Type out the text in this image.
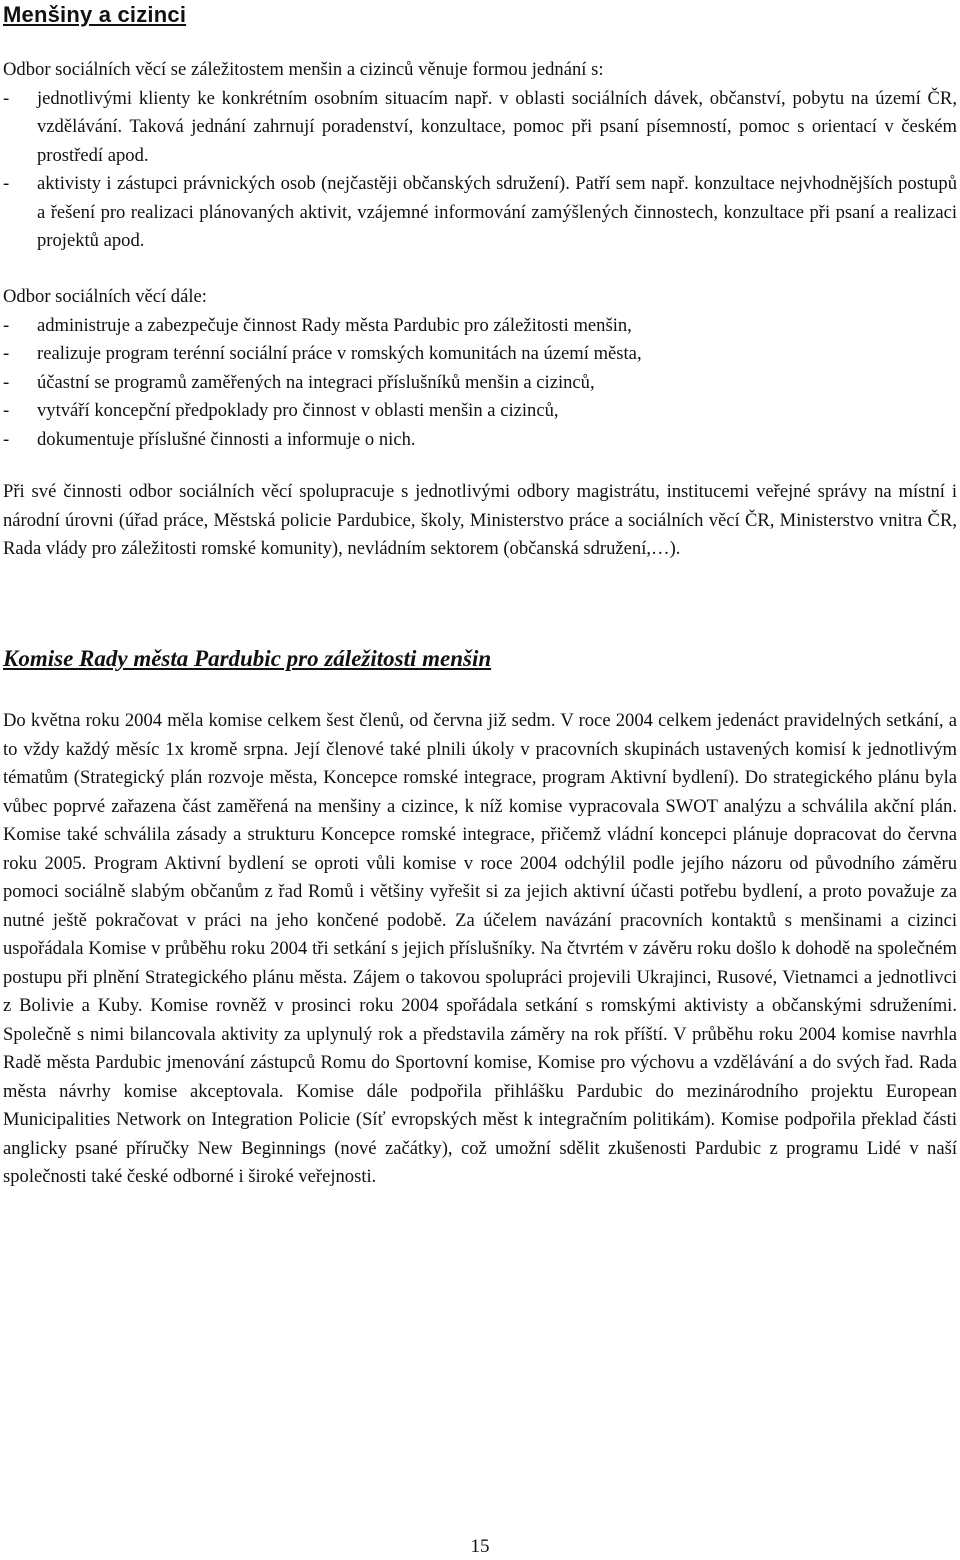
Menšiny a cizinci

Odbor sociálních věcí se záležitostem menšin a cizinců věnuje formou jednání s:

-	jednotlivými klienty ke konkrétním osobním situacím např. v oblasti sociálních dávek, občanství, pobytu na území ČR, vzdělávání. Taková jednání zahrnují poradenství, konzultace, pomoc při psaní písemností, pomoc s orientací v českém prostředí apod.
-	aktivisty i zástupci právnických osob (nejčastěji občanských sdružení). Patří sem např. konzultace nejvhodnějších postupů a řešení pro realizaci plánovaných aktivit, vzájemné informování zamýšlených činnostech, konzultace při psaní a realizaci projektů apod.

Odbor sociálních věcí dále:

-	administruje a zabezpečuje činnost Rady města Pardubic pro záležitosti menšin,
-	realizuje program terénní sociální práce v romských komunitách na území města,
-	účastní se programů zaměřených na integraci příslušníků menšin a cizinců,
-	vytváří koncepční předpoklady pro činnost v oblasti menšin a cizinců,
-	dokumentuje příslušné činnosti a informuje o nich.

Při své činnosti odbor sociálních věcí spolupracuje s jednotlivými odbory magistrátu, institucemi veřejné správy na místní i národní úrovni (úřad práce, Městská policie Pardubice, školy, Ministerstvo práce a sociálních věcí ČR, Ministerstvo vnitra ČR, Rada vlády pro záležitosti romské komunity), nevládním sektorem (občanská sdružení,…).

Komise Rady města Pardubic pro záležitosti menšin

Do května roku 2004 měla komise celkem šest členů, od června již sedm. V roce 2004 celkem jedenáct pravidelných setkání, a to vždy každý měsíc 1x kromě srpna. Její členové také plnili úkoly v pracovních skupinách ustavených komisí k jednotlivým tématům (Strategický plán rozvoje města, Koncepce romské integrace, program Aktivní bydlení). Do strategického plánu byla vůbec poprvé zařazena část zaměřená na menšiny a cizince, k níž komise vypracovala SWOT analýzu a schválila akční plán. Komise také schválila zásady a strukturu Koncepce romské integrace, přičemž vládní koncepci plánuje dopracovat do června roku 2005. Program Aktivní bydlení se oproti vůli komise v roce 2004 odchýlil podle jejího názoru od původního záměru pomoci sociálně slabým občanům z řad Romů i většiny vyřešit si za jejich aktivní účasti potřebu bydlení, a proto považuje za nutné ještě pokračovat v práci na jeho končené podobě. Za účelem navázání pracovních kontaktů s menšinami a cizinci uspořádala Komise v průběhu roku 2004 tři setkání s jejich příslušníky. Na čtvrtém v závěru roku došlo k dohodě na společném postupu při plnění Strategického plánu města. Zájem o takovou spolupráci projevili Ukrajinci, Rusové, Vietnamci a jednotlivci z Bolivie a Kuby. Komise rovněž v prosinci roku 2004 spořádala setkání s romskými aktivisty a občanskými sdruženími. Společně s nimi bilancovala aktivity za uplynulý rok a představila záměry na rok příští. V průběhu roku 2004 komise navrhla Radě města Pardubic jmenování zástupců Romu do Sportovní komise, Komise pro výchovu a vzdělávání a do svých řad. Rada města návrhy komise akceptovala. Komise dále podpořila přihlášku Pardubic do mezinárodního projektu European Municipalities Network on Integration Policie (Síť evropských měst k integračním politikám). Komise podpořila překlad části anglicky psané příručky New Beginnings (nové začátky), což umožní sdělit zkušenosti Pardubic z programu Lidé v naší společnosti také české odborné i široké veřejnosti.

15
